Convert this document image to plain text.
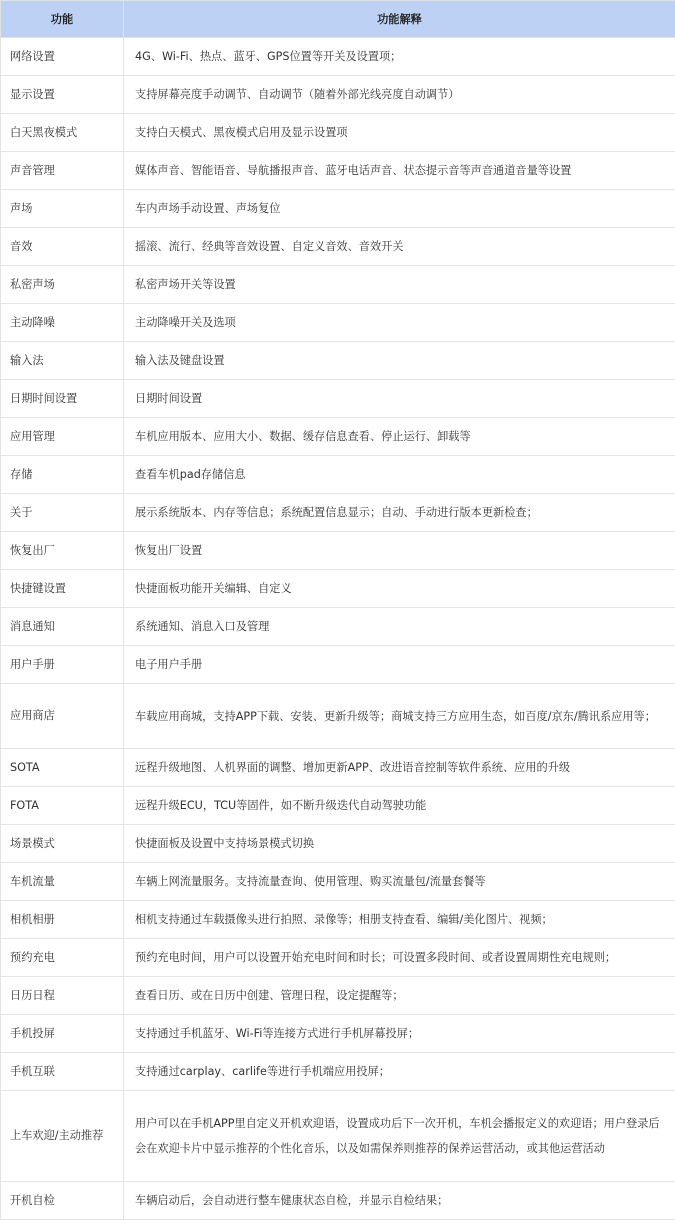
功能	功能解释
网络设置	4G、Wi-Fi、热点、蓝牙、GPS位置等开关及设置项；
显示设置	支持屏幕亮度手动调节、自动调节（随着外部光线亮度自动调节）
白天黑夜模式	支持白天模式、黑夜模式启用及显示设置项
声音管理	媒体声音、智能语音、导航播报声音、蓝牙电话声音、状态提示音等声音通道音量等设置
声场	车内声场手动设置、声场复位
音效	摇滚、流行、经典等音效设置、自定义音效、音效开关
私密声场	私密声场开关等设置
主动降噪	主动降噪开关及选项
输入法	输入法及键盘设置
日期时间设置	日期时间设置
应用管理	车机应用版本、应用大小、数据、缓存信息查看、停止运行、卸载等
存储	查看车机pad存储信息
关于	展示系统版本、内存等信息；系统配置信息显示；自动、手动进行版本更新检查；
恢复出厂	恢复出厂设置
快捷键设置	快捷面板功能开关编辑、自定义
消息通知	系统通知、消息入口及管理
用户手册	电子用户手册
应用商店	车载应用商城，支持APP下载、安装、更新升级等；商城支持三方应用生态，如百度/京东/腾讯系应用等；
SOTA	远程升级地图、人机界面的调整、增加更新APP、改进语音控制等软件系统、应用的升级
FOTA	远程升级ECU，TCU等固件，如不断升级迭代自动驾驶功能
场景模式	快捷面板及设置中支持场景模式切换
车机流量	车辆上网流量服务。支持流量查询、使用管理、购买流量包/流量套餐等
相机相册	相机支持通过车载摄像头进行拍照、录像等；相册支持查看、编辑/美化图片、视频；
预约充电	预约充电时间，用户可以设置开始充电时间和时长；可设置多段时间、或者设置周期性充电规则；
日历日程	查看日历、或在日历中创建、管理日程，设定提醒等；
手机投屏	支持通过手机蓝牙、Wi-Fi等连接方式进行手机屏幕投屏；
手机互联	支持通过carplay、carlife等进行手机端应用投屏；
上车欢迎/主动推荐	用户可以在手机APP里自定义开机欢迎语，设置成功后下一次开机，车机会播报定义的欢迎语；用户登录后会在欢迎卡片中显示推荐的个性化音乐，以及如需保养则推荐的保养运营活动，或其他运营活动
开机自检	车辆启动后，会自动进行整车健康状态自检，并显示自检结果；
